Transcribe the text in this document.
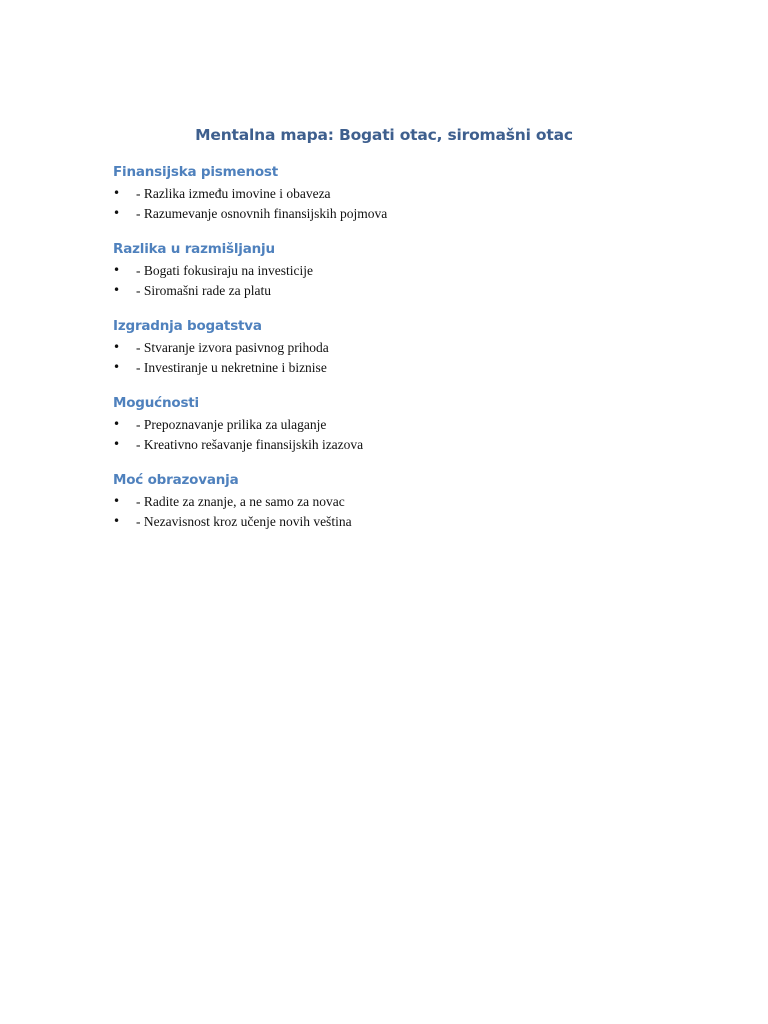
Mentalna mapa: Bogati otac, siromašni otac
Finansijska pismenost
• - Razlika između imovine i obaveza
• - Razumevanje osnovnih finansijskih pojmova
Razlika u razmišljanju
• - Bogati fokusiraju na investicije
• - Siromašni rade za platu
Izgradnja bogatstva
• - Stvaranje izvora pasivnog prihoda
• - Investiranje u nekretnine i biznise
Mogućnosti
• - Prepoznavanje prilika za ulaganje
• - Kreativno rešavanje finansijskih izazova
Moć obrazovanja
• - Radite za znanje, a ne samo za novac
• - Nezavisnost kroz učenje novih veština
